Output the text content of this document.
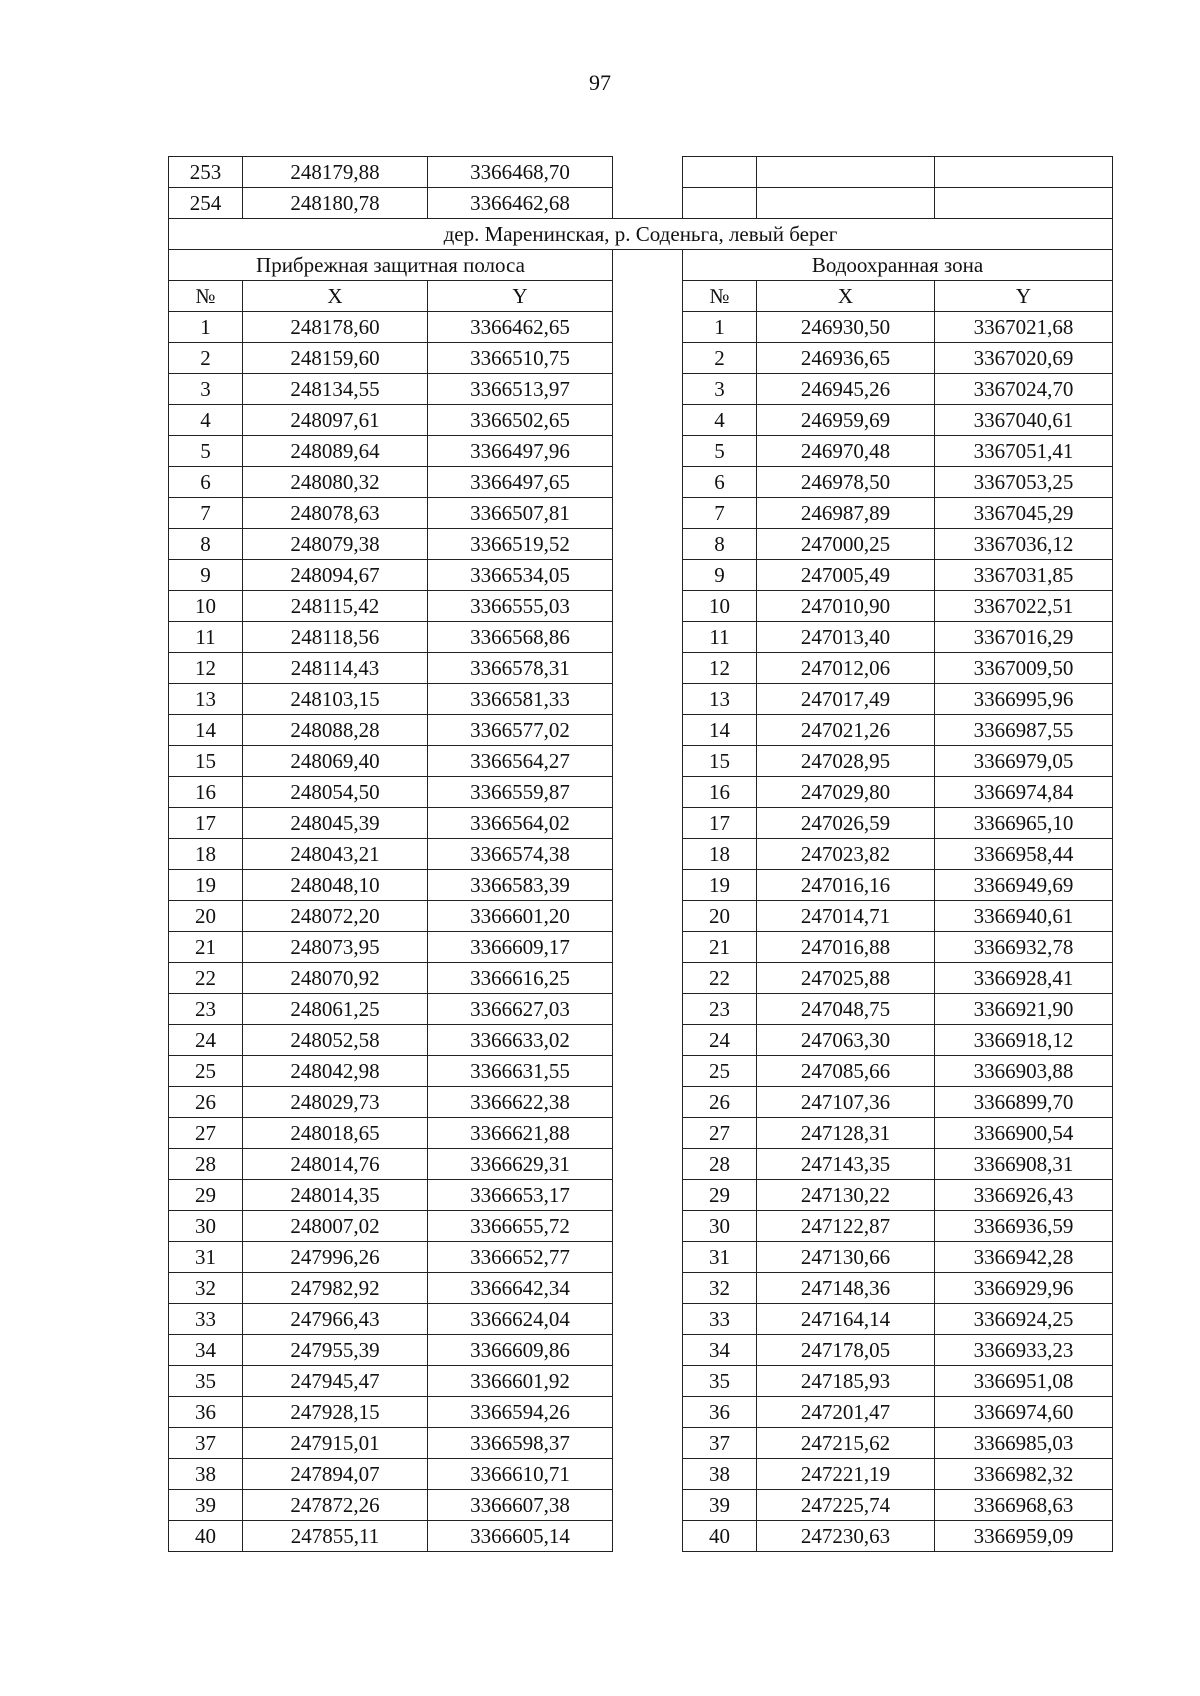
97
253	248179,88	3366468,70				
254	248180,78	3366462,68				
дер. Маренинская, р. Соденьга, левый берег						
Прибрежная защитная полоса				Водоохранная зона		
№	X	Y		№	X	Y
1	248178,60	3366462,65		1	246930,50	3367021,68
2	248159,60	3366510,75		2	246936,65	3367020,69
3	248134,55	3366513,97		3	246945,26	3367024,70
4	248097,61	3366502,65		4	246959,69	3367040,61
5	248089,64	3366497,96		5	246970,48	3367051,41
6	248080,32	3366497,65		6	246978,50	3367053,25
7	248078,63	3366507,81		7	246987,89	3367045,29
8	248079,38	3366519,52		8	247000,25	3367036,12
9	248094,67	3366534,05		9	247005,49	3367031,85
10	248115,42	3366555,03		10	247010,90	3367022,51
11	248118,56	3366568,86		11	247013,40	3367016,29
12	248114,43	3366578,31		12	247012,06	3367009,50
13	248103,15	3366581,33		13	247017,49	3366995,96
14	248088,28	3366577,02		14	247021,26	3366987,55
15	248069,40	3366564,27		15	247028,95	3366979,05
16	248054,50	3366559,87		16	247029,80	3366974,84
17	248045,39	3366564,02		17	247026,59	3366965,10
18	248043,21	3366574,38		18	247023,82	3366958,44
19	248048,10	3366583,39		19	247016,16	3366949,69
20	248072,20	3366601,20		20	247014,71	3366940,61
21	248073,95	3366609,17		21	247016,88	3366932,78
22	248070,92	3366616,25		22	247025,88	3366928,41
23	248061,25	3366627,03		23	247048,75	3366921,90
24	248052,58	3366633,02		24	247063,30	3366918,12
25	248042,98	3366631,55		25	247085,66	3366903,88
26	248029,73	3366622,38		26	247107,36	3366899,70
27	248018,65	3366621,88		27	247128,31	3366900,54
28	248014,76	3366629,31		28	247143,35	3366908,31
29	248014,35	3366653,17		29	247130,22	3366926,43
30	248007,02	3366655,72		30	247122,87	3366936,59
31	247996,26	3366652,77		31	247130,66	3366942,28
32	247982,92	3366642,34		32	247148,36	3366929,96
33	247966,43	3366624,04		33	247164,14	3366924,25
34	247955,39	3366609,86		34	247178,05	3366933,23
35	247945,47	3366601,92		35	247185,93	3366951,08
36	247928,15	3366594,26		36	247201,47	3366974,60
37	247915,01	3366598,37		37	247215,62	3366985,03
38	247894,07	3366610,71		38	247221,19	3366982,32
39	247872,26	3366607,38		39	247225,74	3366968,63
40	247855,11	3366605,14		40	247230,63	3366959,09
